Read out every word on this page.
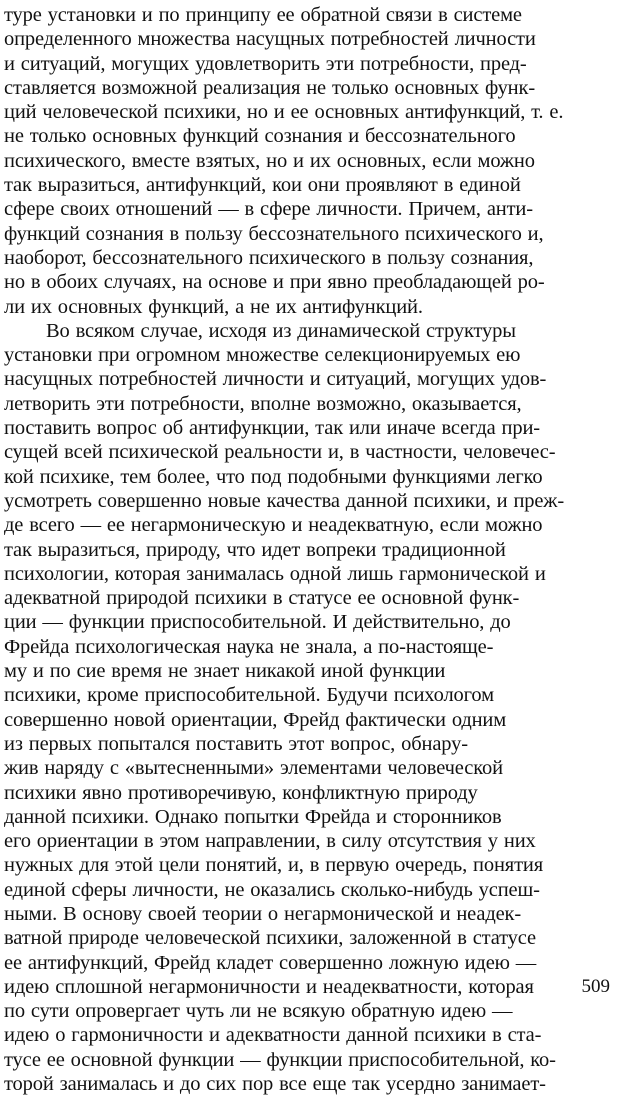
туре установки и по принципу ее обратной связи в системе
определенного множества насущных потребностей личности
и ситуаций, могущих удовлетворить эти потребности, пред-
ставляется возможной реализация не только основных функ-
ций человеческой психики, но и ее основных антифункций, т. е.
не только основных функций сознания и бессознательного
психического, вместе взятых, но и их основных, если можно
так выразиться, антифункций, кои они проявляют в единой
сфере своих отношений — в сфере личности. Причем, анти-
функций сознания в пользу бессознательного психического и,
наоборот, бессознательного психического в пользу сознания,
но в обоих случаях, на основе и при явно преобладающей ро-
ли их основных функций, а не их антифункций.
Во всяком случае, исходя из динамической структуры
установки при огромном множестве селекционируемых ею
насущных потребностей личности и ситуаций, могущих удов-
летворить эти потребности, вполне возможно, оказывается,
поставить вопрос об антифункции, так или иначе всегда при-
сущей всей психической реальности и, в частности, человечес-
кой психике, тем более, что под подобными функциями легко
усмотреть совершенно новые качества данной психики, и преж-
де всего — ее негармоническую и неадекватную, если можно
так выразиться, природу, что идет вопреки традиционной
психологии, которая занималась одной лишь гармонической и
адекватной природой психики в статусе ее основной функ-
ции — функции приспособительной. И действительно, до
Фрейда психологическая наука не знала, а по-настояще-
му и по сие время не знает никакой иной функции
психики, кроме приспособительной. Будучи психологом
совершенно новой ориентации, Фрейд фактически одним
из первых попытался поставить этот вопрос, обнару-
жив наряду с «вытесненными» элементами человеческой
психики явно противоречивую, конфликтную природу
данной психики. Однако попытки Фрейда и сторонников
его ориентации в этом направлении, в силу отсутствия у них
нужных для этой цели понятий, и, в первую очередь, понятия
единой сферы личности, не оказались сколько-нибудь успеш-
ными. В основу своей теории о негармонической и неадек-
ватной природе человеческой психики, заложенной в статусе
ее антифункций, Фрейд кладет совершенно ложную идею —
идею сплошной негармоничности и неадекватности, которая
по сути опровергает чуть ли не всякую обратную идею —
идею о гармоничности и адекватности данной психики в ста-
тусе ее основной функции — функции приспособительной, ко-
торой занималась и до сих пор все еще так усердно занимает-
509
